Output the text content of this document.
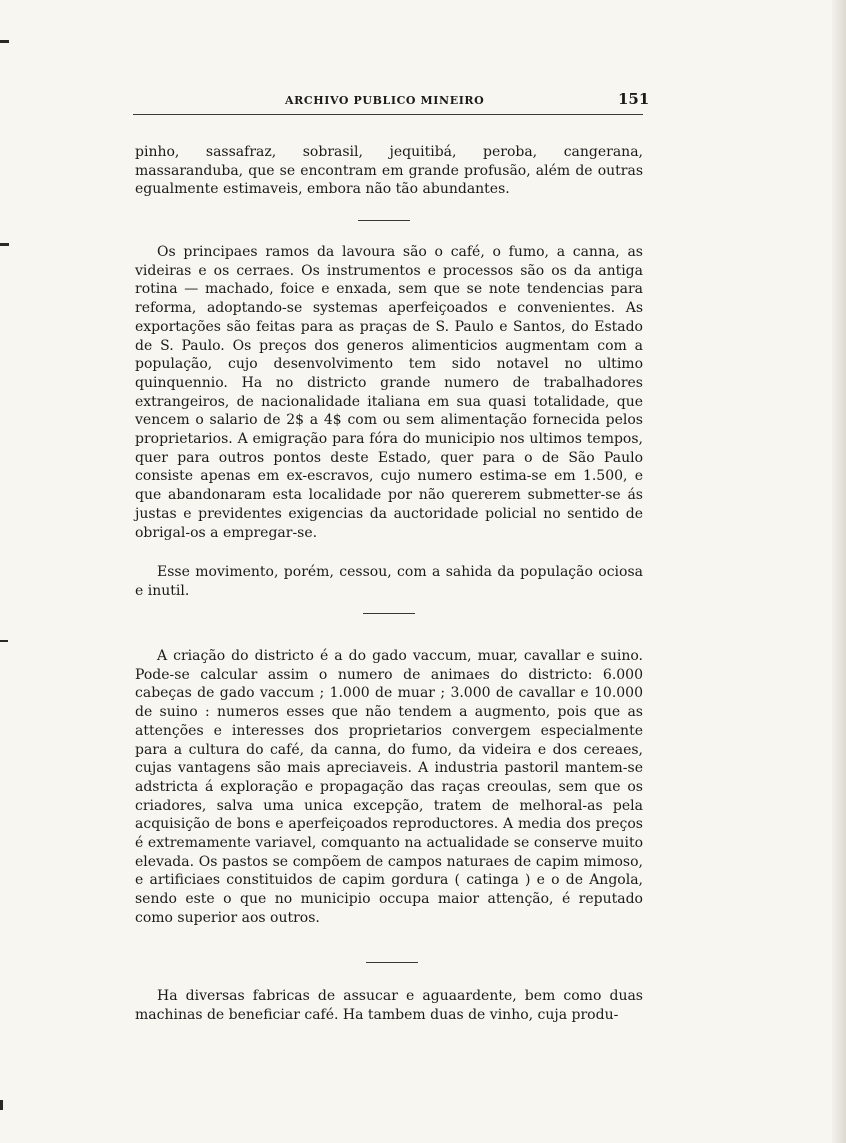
ARCHIVO PUBLICO MINEIRO	151

pinho, sassafraz, sobrasil, jequitibá, peroba, cangerana, massaranduba, que se encontram em grande profusão, além de outras egualmente estimaveis, embora não tão abundantes.

Os principaes ramos da lavoura são o café, o fumo, a canna, as videiras e os cerraes. Os instrumentos e processos são os da antiga rotina — machado, foice e enxada, sem que se note tendencias para reforma, adoptando-se systemas aperfeiçoados e convenientes. As exportações são feitas para as praças de S. Paulo e Santos, do Estado de S. Paulo. Os preços dos generos alimenticios augmentam com a população, cujo desenvolvimento tem sido notavel no ultimo quinquennio. Ha no districto grande numero de trabalhadores extrangeiros, de nacionalidade italiana em sua quasi totalidade, que vencem o salario de 2$ a 4$ com ou sem alimentação fornecida pelos proprietarios. A emigração para fóra do municipio nos ultimos tempos, quer para outros pontos deste Estado, quer para o de São Paulo consiste apenas em ex-escravos, cujo numero estima-se em 1.500, e que abandonaram esta localidade por não quererem submetter-se ás justas e previdentes exigencias da auctoridade policial no sentido de obrigal-os a empregar-se.

Esse movimento, porém, cessou, com a sahida da população ociosa e inutil.

A criação do districto é a do gado vaccum, muar, cavallar e suino. Pode-se calcular assim o numero de animaes do districto: 6.000 cabeças de gado vaccum ; 1.000 de muar ; 3.000 de cavallar e 10.000 de suino : numeros esses que não tendem a augmento, pois que as attenções e interesses dos proprietarios convergem especialmente para a cultura do café, da canna, do fumo, da videira e dos cereaes, cujas vantagens são mais apreciaveis. A industria pastoril mantem-se adstricta á exploração e propagação das raças creoulas, sem que os criadores, salva uma unica excepção, tratem de melhoral-as pela acquisição de bons e aperfeiçoados reproductores. A media dos preços é extremamente variavel, comquanto na actualidade se conserve muito elevada. Os pastos se compõem de campos naturaes de capim mimoso, e artificiaes constituidos de capim gordura ( catinga ) e o de Angola, sendo este o que no municipio occupa maior attenção, é reputado como superior aos outros.

Ha diversas fabricas de assucar e aguaardente, bem como duas machinas de beneficiar café. Ha tambem duas de vinho, cuja produ-
